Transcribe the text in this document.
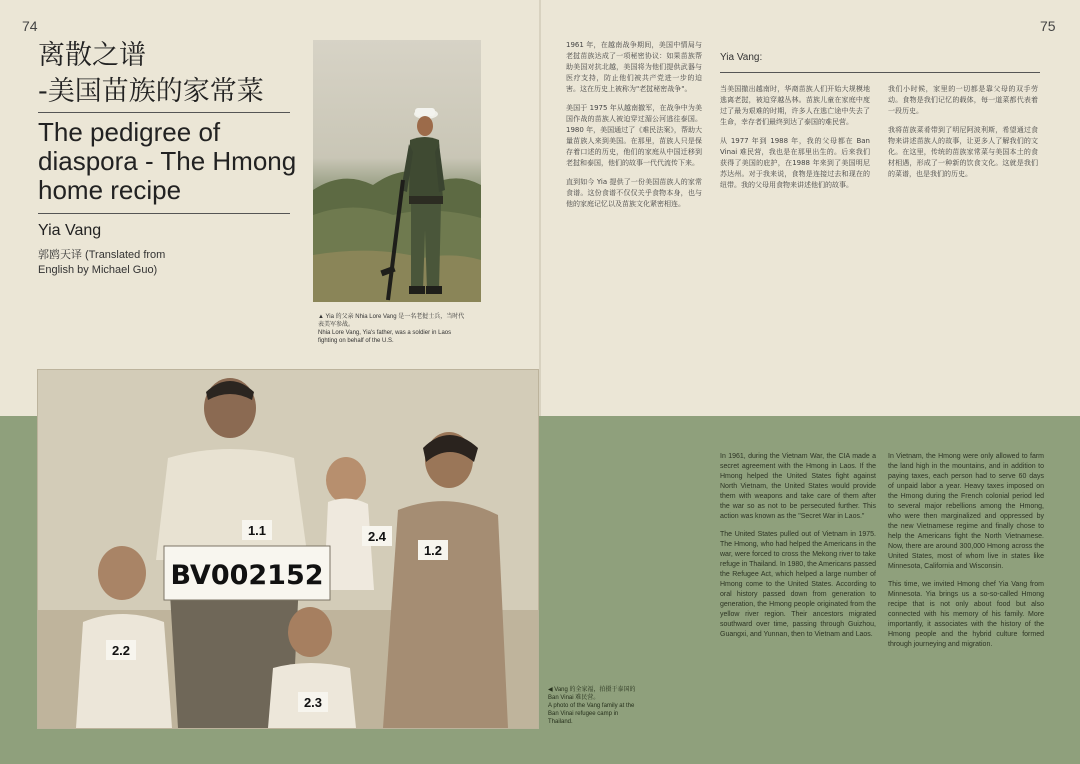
74	75
离散之谱
-美国苗族的家常菜
The pedigree of
diaspora - The Hmong
home recipe
Yia Vang
郭鸥天译 (Translated from
English by Michael Guo)
▲ Yia 的父亲 Nhia Lore Vang 是一名老挝士兵，当时代表美军参战。
Nhia Lore Vang, Yia's father, was a soldier in Laos fighting on behalf of the U.S.

1961 年，在越南战争期间，美国中情局与老挝苗族达成了一项秘密协议：如果苗族帮助美国对抗北越，美国将为他们提供武器与医疗支持，防止他们被共产党进一步的迫害。这在历史上被称为"老挝秘密战争"。

美国于 1975 年从越南撤军，在战争中为美国作战的苗族人被迫穿过湄公河逃往泰国。1980 年，美国通过了《难民法案》，帮助大量苗族人来到美国。在那里，苗族人只是保存着口述的历史，他们的家庭从中国迁移到老挝和泰国，他们的故事一代代流传下来。

直到如今 Yia 提供了一份美国苗族人的家常食谱。这份食谱不仅仅关乎食物本身，也与他的家庭记忆以及苗族文化紧密相连。

Yia Vang:

当美国撤出越南时，华裔苗族人们开始大规模地逃离老挝，被迫穿越丛林。苗族儿童在家庭中度过了最为艰难的时期，许多人在逃亡途中失去了生命，幸存者们最终到达了泰国的难民营。

从 1977 年到 1988 年，我的父母都在 Ban Vinai 难民营，我也是在那里出生的。后来我们获得了美国的庇护，在1988 年来到了美国明尼苏达州。对于我来说，食物是连接过去和现在的纽带。我的父母用食物来讲述他们的故事。

我们小时候，家里的一切都是靠父母的双手劳动。食物是我们记忆的载体，每一道菜都代表着一段历史。

我将苗族菜肴带到了明尼阿波利斯，希望通过食物来讲述苗族人的故事，让更多人了解我们的文化。在这里，传统的苗族家常菜与美国本土的食材相遇，形成了一种新的饮食文化。这就是我们的菜谱，也是我们的历史。

1.1
1.2
2.4
2.2
2.3
BV002152
◀ Vang 的全家福，拍摄于泰国的 Ban Vinai 难民营。
A photo of the Vang family at the Ban Vinai refugee camp in Thailand.

In 1961, during the Vietnam War, the CIA made a secret agreement with the Hmong in Laos. If the Hmong helped the United States fight against North Vietnam, the United States would provide them with weapons and take care of them after the war so as not to be persecuted further. This action was known as the "Secret War in Laos."

The United States pulled out of Vietnam in 1975. The Hmong, who had helped the Americans in the war, were forced to cross the Mekong river to take refuge in Thailand. In 1980, the Americans passed the Refugee Act, which helped a large number of Hmong come to the United States. According to oral history passed down from generation to generation, the Hmong people originated from the yellow river region. Their ancestors migrated southward over time, passing through Guizhou, Guangxi, and Yunnan, then to Vietnam and Laos.

In Vietnam, the Hmong were only allowed to farm the land high in the mountains, and in addition to paying taxes, each person had to serve 60 days of unpaid labor a year. Heavy taxes imposed on the Hmong during the French colonial period led to several major rebellions among the Hmong, who were then marginalized and oppressed by the new Vietnamese regime and finally chose to help the Americans fight the North Vietnamese. Now, there are around 300,000 Hmong across the United States, most of whom live in states like Minnesota, California and Wisconsin.

This time, we invited Hmong chef Yia Vang from Minnesota. Yia brings us a so-so-called Hmong recipe that is not only about food but also connected with his memory of his family. More importantly, it associates with the history of the Hmong people and the hybrid culture formed through journeying and migration.
